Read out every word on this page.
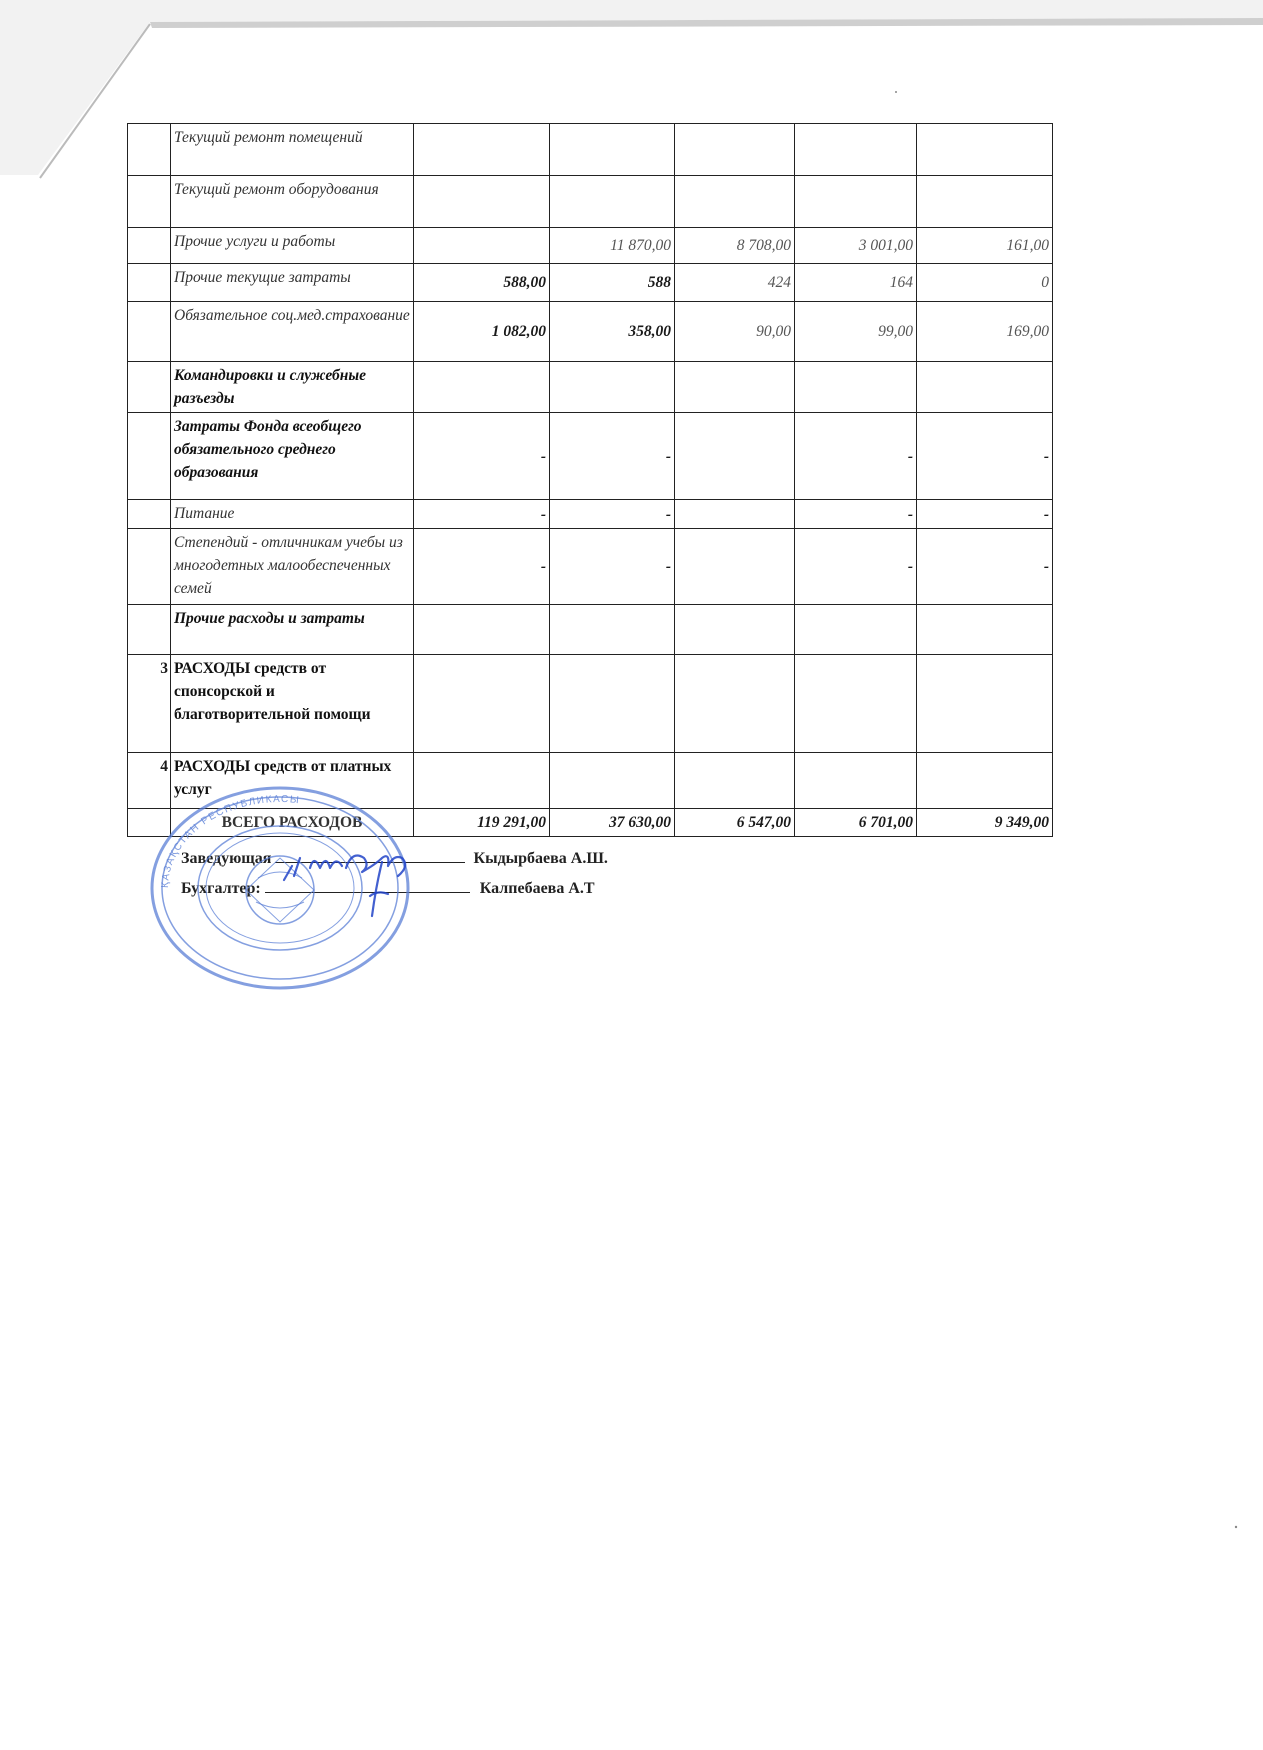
	Текущий ремонт помещений					
	Текущий ремонт оборудования					
	Прочие услуги и работы		11 870,00	8 708,00	3 001,00	161,00
	Прочие текущие затраты	588,00	588	424	164	0
	Обязательное соц.мед.страхование	1 082,00	358,00	90,00	99,00	169,00
	Командировки и служебные разъезды					
	Затраты Фонда всеобщего обязательного среднего образования	-	-		-	-
	Питание	-	-		-	-
	Степендий - отличникам учебы из многодетных малообеспеченных семей	-	-		-	-
	Прочие расходы и затраты					
3	РАСХОДЫ средств от спонсорской и благотворительной помощи					
4	РАСХОДЫ средств от платных услуг					
	ВСЕГО РАСХОДОВ	119 291,00	37 630,00	6 547,00	6 701,00	9 349,00
Заведующая	Кыдырбаева А.Ш.
Бухгалтер:	Калпебаева А.Т
ҚАЗАҚСТАН РЕСПУБЛИКАСЫ
